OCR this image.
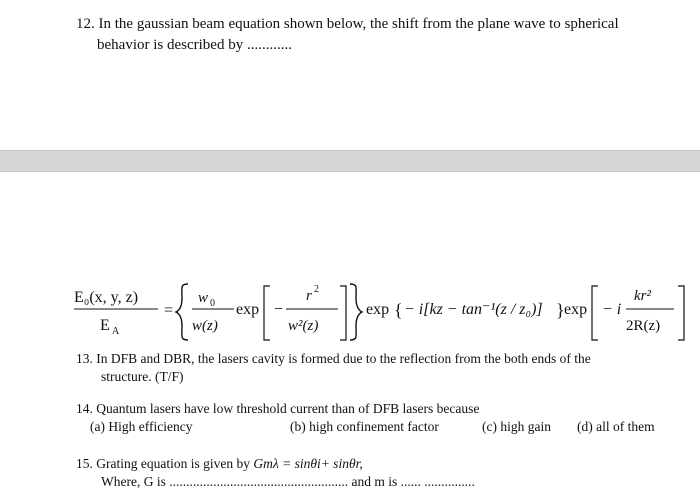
12. In the gaussian beam equation shown below, the shift from the plane wave to spherical
behavior is described by ............
E₀(x, y, z)
E A
=
w 0
w(z)
exp −
r 2
w²(z)
exp { − i[kz − tan⁻¹(z / z₀)] } exp − i
kr²
2R(z)
13. In DFB and DBR, the lasers cavity is formed due to the reflection from the both ends of the
structure. (T/F)
14. Quantum lasers have low threshold current than of DFB lasers because
(a) High efficiency	(b) high confinement factor	(c) high gain (d) all of them
15. Grating equation is given by Gmλ = sinθi+ sinθr,
Where, G is ..................................................... and m is ...... ...............
